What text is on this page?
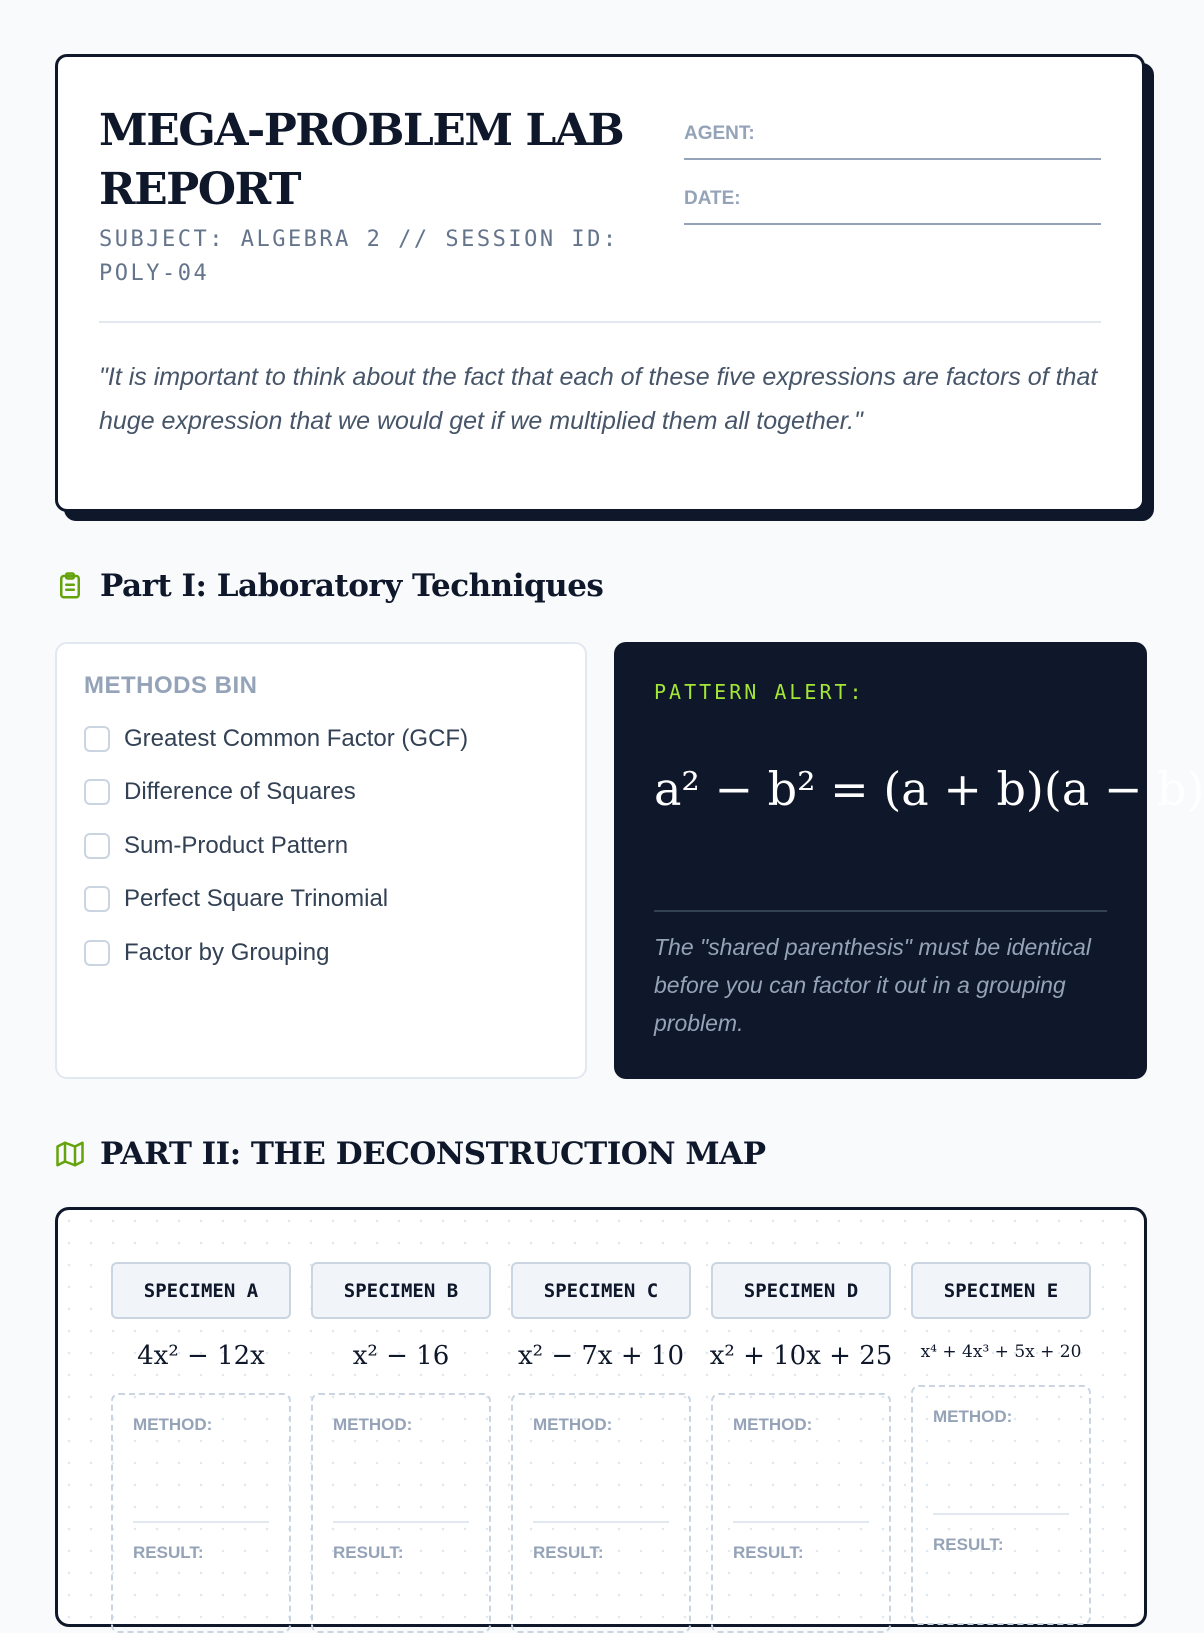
MEGA-PROBLEM LAB REPORT
SUBJECT: ALGEBRA 2 // SESSION ID: POLY-04
AGENT:
DATE:

"It is important to think about the fact that each of these five expressions are factors of that huge expression that we would get if we multiplied them all together."

Part I: Laboratory Techniques
METHODS BIN
Greatest Common Factor (GCF)
Difference of Squares
Sum-Product Pattern
Perfect Square Trinomial
Factor by Grouping
PATTERN ALERT:
a² − b² = (a + b)(a − b)

The "shared parenthesis" must be identical before you can factor it out in a grouping problem.

PART II: THE DECONSTRUCTION MAP
SPECIMEN A
4x² − 12x
METHOD:
RESULT:
SPECIMEN B
x² − 16
METHOD:
RESULT:
SPECIMEN C
x² − 7x + 10
METHOD:
RESULT:
SPECIMEN D
x² + 10x + 25
METHOD:
RESULT:
SPECIMEN E
x⁴ + 4x³ + 5x + 20
METHOD:
RESULT:
